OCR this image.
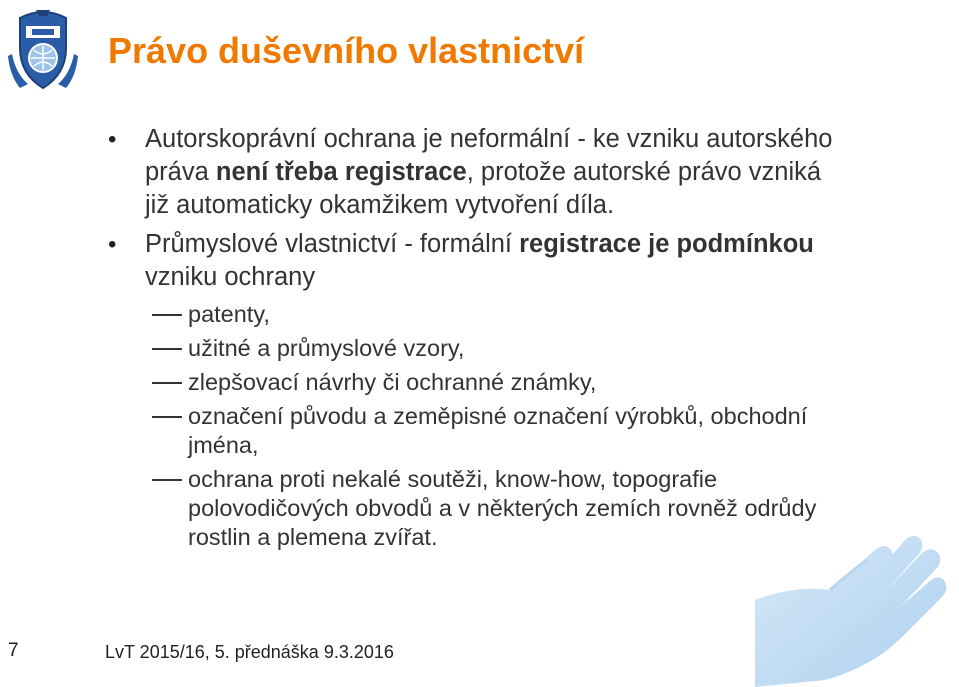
Právo duševního vlastnictví
• Autorskoprávní ochrana je neformální - ke vzniku autorského práva není třeba registrace, protože autorské právo vzniká již automaticky okamžikem vytvoření díla.
• Průmyslové vlastnictví - formální registrace je podmínkou vzniku ochrany
patenty,
užitné a průmyslové vzory,
zlepšovací návrhy či ochranné známky,
označení původu a zeměpisné označení výrobků, obchodní jména,
ochrana proti nekalé soutěži, know-how, topografie polovodičových obvodů a v některých zemích rovněž odrůdy rostlin a plemena zvířat.
7	LvT 2015/16, 5. přednáška 9.3.2016
